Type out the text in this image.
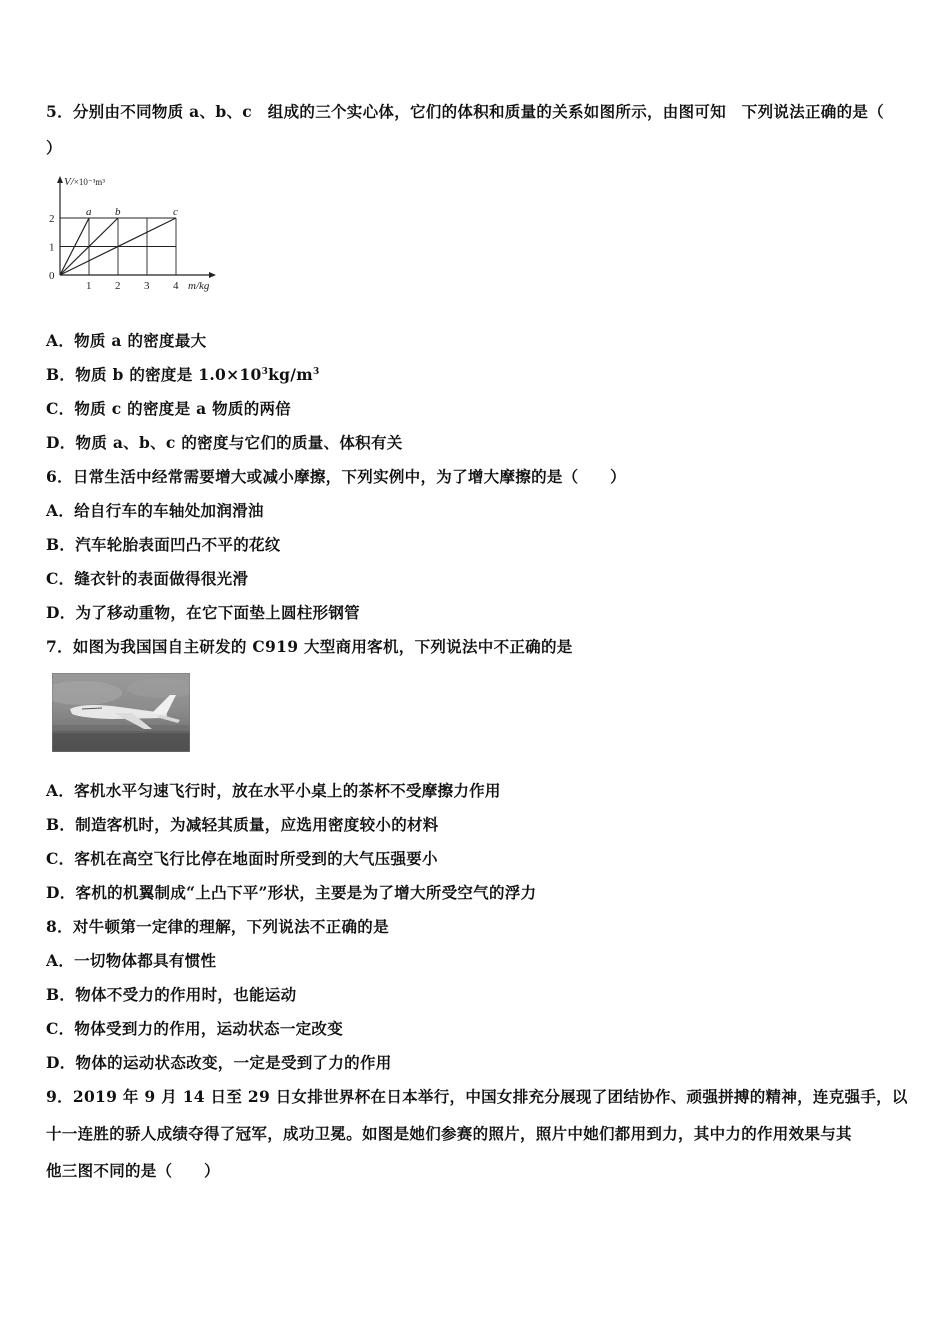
5．分别由不同物质 a、b、c　组成的三个实心体，它们的体积和质量的关系如图所示，由图可知　下列说法正确的是（
）
V/×10⁻³m³
m/kg
a b	c
2
1
0
1 2 3 4
A．物质 a 的密度最大
B．物质 b 的密度是 $1.0\times 10^3kg/m^3$
C．物质 c 的密度是 a 物质的两倍
D．物质 a、b、c 的密度与它们的质量、体积有关
6．日常生活中经常需要增大或减小摩擦，下列实例中，为了增大摩擦的是（　　）
A．给自行车的车轴处加润滑油
B．汽车轮胎表面凹凸不平的花纹
C．缝衣针的表面做得很光滑
D．为了移动重物，在它下面垫上圆柱形钢管
7．如图为我国国自主研发的 C919 大型商用客机，下列说法中不正确的是
A．客机水平匀速飞行时，放在水平小桌上的茶杯不受摩擦力作用
B．制造客机时，为减轻其质量，应选用密度较小的材料
C．客机在高空飞行比停在地面时所受到的大气压强要小
D．客机的机翼制成“上凸下平”形状，主要是为了增大所受空气的浮力
8．对牛顿第一定律的理解，下列说法不正确的是
A．一切物体都具有惯性
B．物体不受力的作用时，也能运动
C．物体受到力的作用，运动状态一定改变
D．物体的运动状态改变，一定是受到了力的作用
9．2019 年 9 月 14 日至 29 日女排世界杯在日本举行，中国女排充分展现了团结协作、顽强拼搏的精神，连克强手，以
十一连胜的骄人成绩夺得了冠军，成功卫冕。如图是她们参赛的照片，照片中她们都用到力，其中力的作用效果与其
他三图不同的是（　　）
